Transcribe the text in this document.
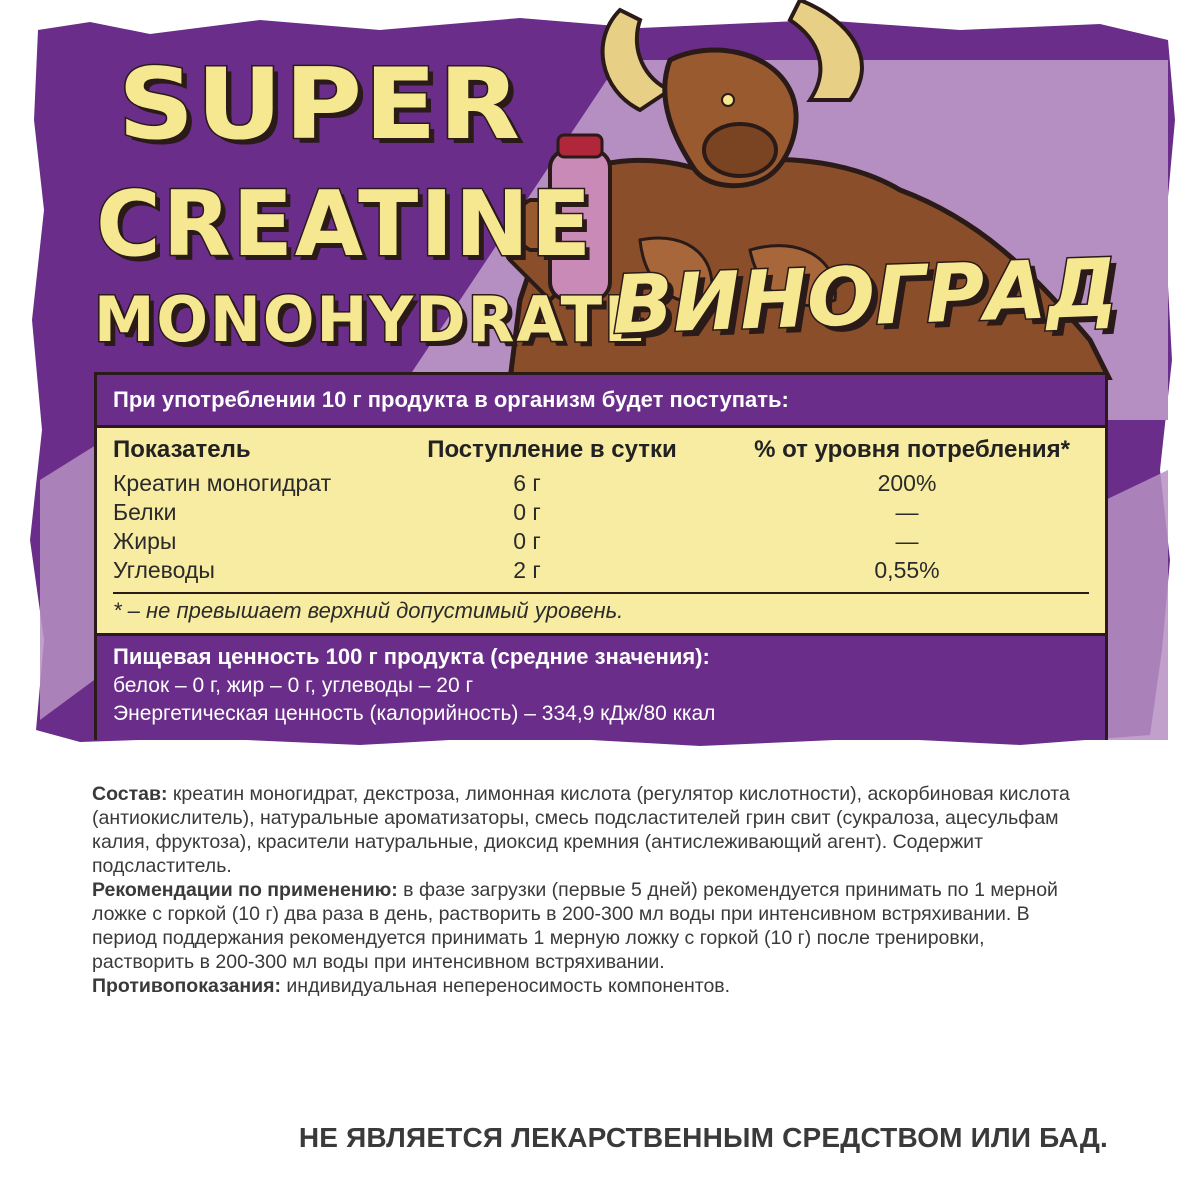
SUPER
CREATINE
MONOHYDRATE
ВИНОГРАД
При употреблении 10 г продукта в организм будет поступать:
Показатель	Поступление в сутки	% от уровня потребления*
Креатин моногидрат	6 г	200%
Белки	0 г	—
Жиры	0 г	—
Углеводы	2 г	0,55%
* – не превышает верхний допустимый уровень.
Пищевая ценность 100 г продукта (средние значения):
белок – 0 г, жир – 0 г, углеводы – 20 г
Энергетическая ценность (калорийность) – 334,9 кДж/80 ккал

Состав: креатин моногидрат, декстроза, лимонная кислота (регулятор кислотности), аскорбиновая кислота (антиокислитель), натуральные ароматизаторы, смесь подсластителей грин свит (сукралоза, ацесульфам калия, фруктоза), красители натуральные, диоксид кремния (антислеживающий агент). Содержит подсластитель.

Рекомендации по применению: в фазе загрузки (первые 5 дней) рекомендуется принимать по 1 мерной ложке с горкой (10 г) два раза в день, растворить в 200-300 мл воды при интенсивном встряхивании. В период поддержания рекомендуется принимать 1 мерную ложку с горкой (10 г) после тренировки, растворить в 200-300 мл воды при интенсивном встряхивании.

Противопоказания: индивидуальная непереносимость компонентов.

НЕ ЯВЛЯЕТСЯ ЛЕКАРСТВЕННЫМ СРЕДСТВОМ ИЛИ БАД.
